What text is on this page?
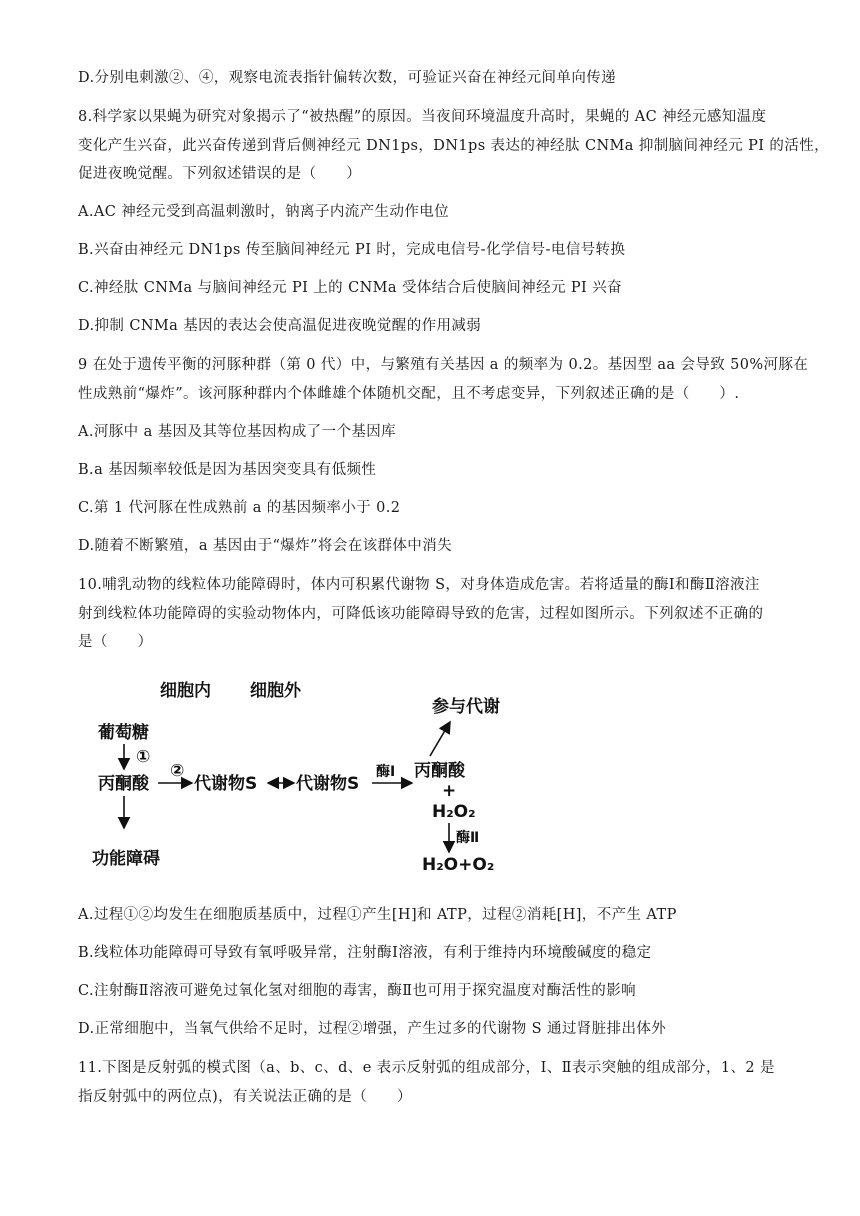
D.分别电刺激②、④，观察电流表指针偏转次数，可验证兴奋在神经元间单向传递
8.科学家以果蝇为研究对象揭示了“被热醒”的原因。当夜间环境温度升高时，果蝇的 AC 神经元感知温度
变化产生兴奋，此兴奋传递到背后侧神经元 DN1ps，DN1ps 表达的神经肽 CNMa 抑制脑间神经元 PI 的活性，
促进夜晚觉醒。下列叙述错误的是（　　）
A.AC 神经元受到高温刺激时，钠离子内流产生动作电位
B.兴奋由神经元 DN1ps 传至脑间神经元 PI 时，完成电信号-化学信号-电信号转换
C.神经肽 CNMa 与脑间神经元 PI 上的 CNMa 受体结合后使脑间神经元 PI 兴奋
D.抑制 CNMa 基因的表达会使高温促进夜晚觉醒的作用减弱
9 在处于遗传平衡的河豚种群（第 0 代）中，与繁殖有关基因 a 的频率为 0.2。基因型 aa 会导致 50%河豚在
性成熟前“爆炸”。该河豚种群内个体雌雄个体随机交配，且不考虑变异，下列叙述正确的是（　　）.
A.河豚中 a 基因及其等位基因构成了一个基因库
B.a 基因频率较低是因为基因突变具有低频性
C.第 1 代河豚在性成熟前 a 的基因频率小于 0.2
D.随着不断繁殖，a 基因由于“爆炸”将会在该群体中消失
10.哺乳动物的线粒体功能障碍时，体内可积累代谢物 S，对身体造成危害。若将适量的酶Ⅰ和酶Ⅱ溶液注
射到线粒体功能障碍的实验动物体内，可降低该功能障碍导致的危害，过程如图所示。下列叙述不正确的
是（　　）
细胞内 细胞外
葡萄糖
①
丙酮酸
②
代谢物S 代谢物S
酶Ⅰ 丙酮酸
参与代谢
+
H₂O₂
酶Ⅱ
H₂O+O₂
功能障碍
A.过程①②均发生在细胞质基质中，过程①产生[H]和 ATP，过程②消耗[H]，不产生 ATP
B.线粒体功能障碍可导致有氧呼吸异常，注射酶Ⅰ溶液，有利于维持内环境酸碱度的稳定
C.注射酶Ⅱ溶液可避免过氧化氢对细胞的毒害，酶Ⅱ也可用于探究温度对酶活性的影响
D.正常细胞中，当氧气供给不足时，过程②增强，产生过多的代谢物 S 通过肾脏排出体外
11.下图是反射弧的模式图（a、b、c、d、e 表示反射弧的组成部分，Ⅰ、Ⅱ表示突触的组成部分，1、2 是
指反射弧中的两位点)，有关说法正确的是（　　）
